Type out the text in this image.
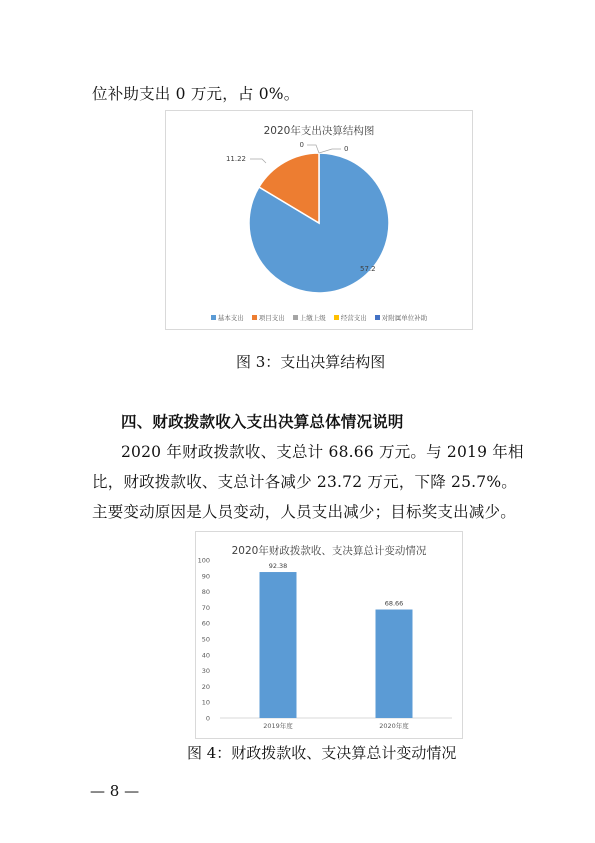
位补助支出 0 万元，占 0%。
2020年支出决算结构图
57.2
11.22
0	0
基本支出 项目支出 上缴上级 经营支出 对附属单位补助
图 3：支出决算结构图
四、财政拨款收入支出决算总体情况说明
2020 年财政拨款收、支总计 68.66 万元。与 2019 年相
比，财政拨款收、支总计各减少 23.72 万元，下降 25.7%。
主要变动原因是人员变动，人员支出减少；目标奖支出减少。
2020年财政拨款收、支决算总计变动情况
0
10
20
30
40
50
60
70
80
90
100
92.38
2019年度
68.66
2020年度
图 4：财政拨款收、支决算总计变动情况
— 8 —
